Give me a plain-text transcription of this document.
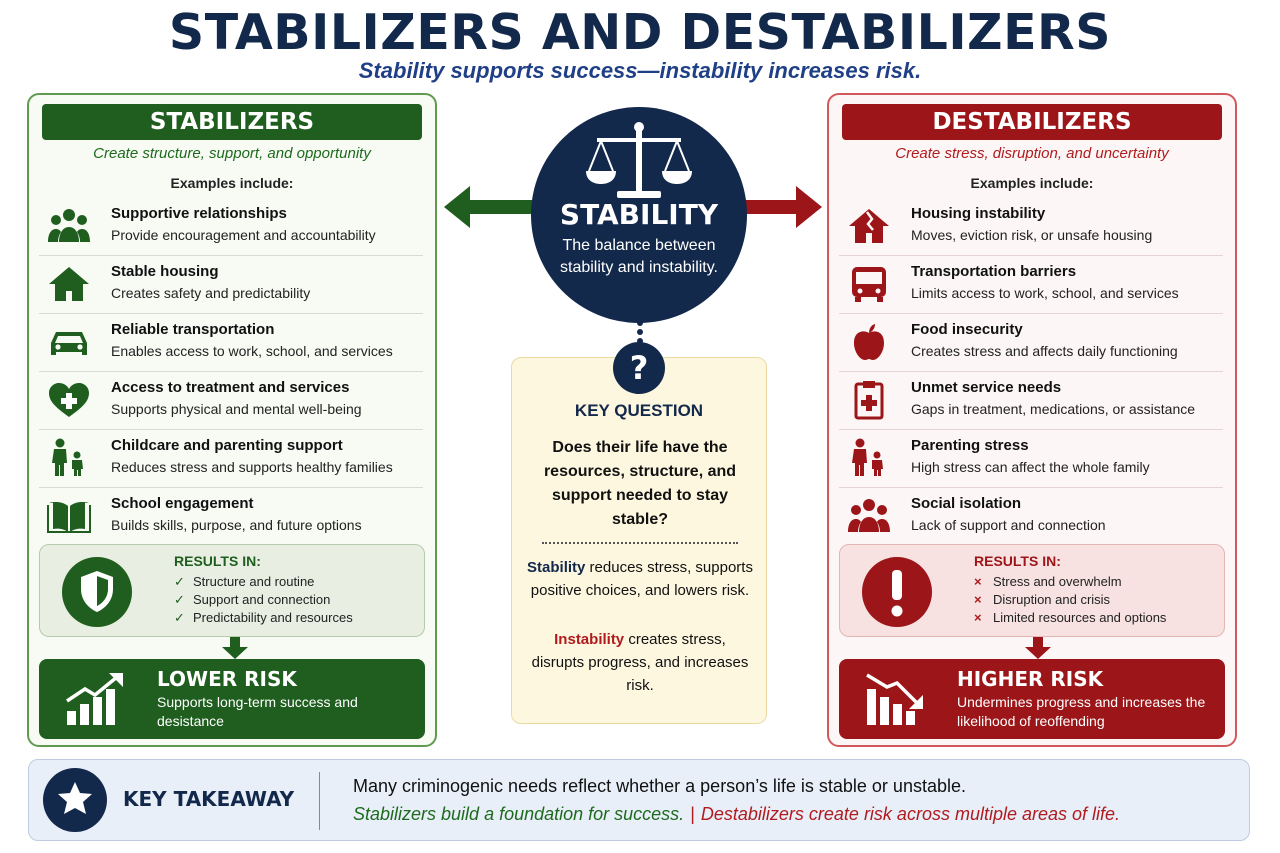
STABILIZERS AND DESTABILIZERS
Stability supports success—instability increases risk.
STABILIZERS
Create structure, support, and opportunity
Examples include:
Supportive relationships
Provide encouragement and accountability
Stable housing
Creates safety and predictability
Reliable transportation
Enables access to work, school, and services
Access to treatment and services
Supports physical and mental well-being
Childcare and parenting support
Reduces stress and supports healthy families
School engagement
Builds skills, purpose, and future options
RESULTS IN:
✓ Structure and routine
✓ Support and connection
✓ Predictability and resources
LOWER RISK
Supports long-term success and desistance
DESTABILIZERS
Create stress, disruption, and uncertainty
Examples include:
Housing instability
Moves, eviction risk, or unsafe housing
Transportation barriers
Limits access to work, school, and services
Food insecurity
Creates stress and affects daily functioning
Unmet service needs
Gaps in treatment, medications, or assistance
Parenting stress
High stress can affect the whole family
Social isolation
Lack of support and connection
RESULTS IN:
× Stress and overwhelm
× Disruption and crisis
× Limited resources and options
HIGHER RISK
Undermines progress and increases the likelihood of reoffending
STABILITY
The balance between stability and instability.
KEY QUESTION
Does their life have the resources, structure, and support needed to stay stable?
Stability reduces stress, supports positive choices, and lowers risk.
Instability creates stress, disrupts progress, and increases risk.
?
KEY TAKEAWAY
Many criminogenic needs reflect whether a person’s life is stable or unstable.
Stabilizers build a foundation for success. | Destabilizers create risk across multiple areas of life.
